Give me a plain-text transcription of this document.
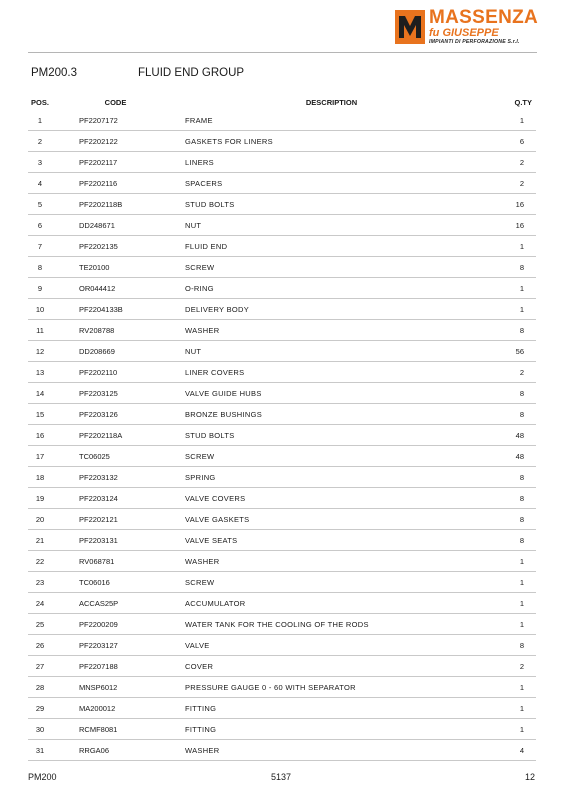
MASSENZA
fu GIUSEPPE
IMPIANTI DI PERFORAZIONE S.r.l.
PM200.3	FLUID END GROUP
POS.	CODE	DESCRIPTION	Q.TY
1	PF2207172	FRAME	1
2	PF2202122	GASKETS FOR LINERS	6
3	PF2202117	LINERS	2
4	PF2202116	SPACERS	2
5	PF2202118B	STUD BOLTS	16
6	DD248671	NUT	16
7	PF2202135	FLUID END	1
8	TE20100	SCREW	8
9	OR044412	O-RING	1
10	PF2204133B	DELIVERY BODY	1
11	RV208788	WASHER	8
12	DD208669	NUT	56
13	PF2202110	LINER COVERS	2
14	PF2203125	VALVE GUIDE HUBS	8
15	PF2203126	BRONZE BUSHINGS	8
16	PF2202118A	STUD BOLTS	48
17	TC06025	SCREW	48
18	PF2203132	SPRING	8
19	PF2203124	VALVE COVERS	8
20	PF2202121	VALVE GASKETS	8
21	PF2203131	VALVE SEATS	8
22	RV068781	WASHER	1
23	TC06016	SCREW	1
24	ACCAS25P	ACCUMULATOR	1
25	PF2200209	WATER TANK FOR THE COOLING OF THE RODS	1
26	PF2203127	VALVE	8
27	PF2207188	COVER	2
28	MNSP6012	PRESSURE GAUGE 0 - 60 WITH SEPARATOR	1
29	MA200012	FITTING	1
30	RCMF8081	FITTING	1
31	RRGA06	WASHER	4
PM200	5137	12
